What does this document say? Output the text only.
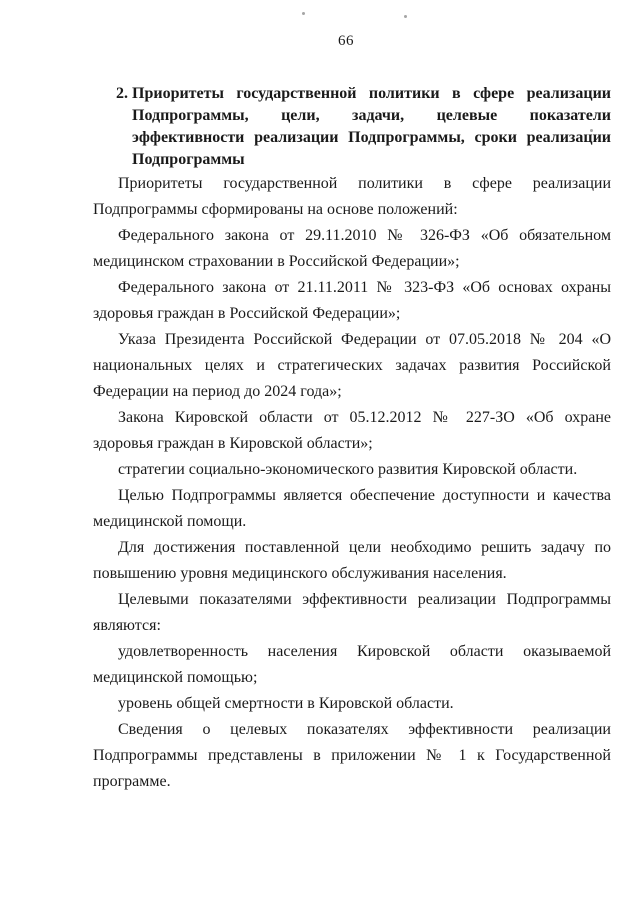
66
2. Приоритеты государственной политики в сфере реализации
Подпрограммы, цели, задачи, целевые показатели
эффективности реализации Подпрограммы, сроки реализации
Подпрограммы
Приоритеты государственной политики в сфере реализации
Подпрограммы сформированы на основе положений:
Федерального закона от 29.11.2010 № 326-ФЗ «Об обязательном
медицинском страховании в Российской Федерации»;
Федерального закона от 21.11.2011 № 323-ФЗ «Об основах охраны
здоровья граждан в Российской Федерации»;
Указа Президента Российской Федерации от 07.05.2018 № 204 «О
национальных целях и стратегических задачах развития Российской
Федерации на период до 2024 года»;
Закона Кировской области от 05.12.2012 № 227-ЗО «Об охране
здоровья граждан в Кировской области»;
стратегии социально-экономического развития Кировской области.
Целью Подпрограммы является обеспечение доступности и качества
медицинской помощи.
Для достижения поставленной цели необходимо решить задачу по
повышению уровня медицинского обслуживания населения.
Целевыми показателями эффективности реализации Подпрограммы
являются:
удовлетворенность населения Кировской области оказываемой
медицинской помощью;
уровень общей смертности в Кировской области.
Сведения о целевых показателях эффективности реализации
Подпрограммы представлены в приложении № 1 к Государственной
программе.
